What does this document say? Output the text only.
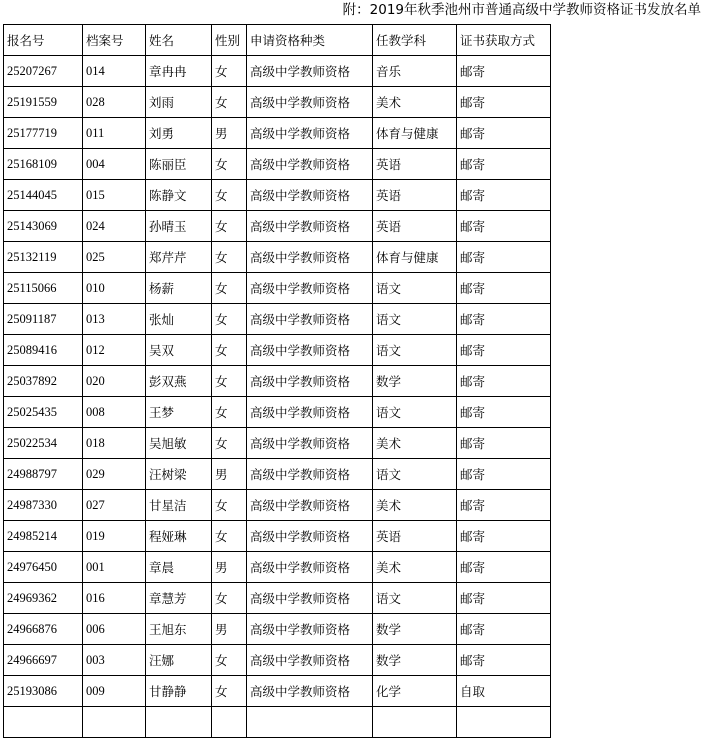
附：2019年秋季池州市普通高级中学教师资格证书发放名单
报名号	档案号	姓名	性别	申请资格种类	任教学科	证书获取方式
25207267	014	章冉冉	女	高级中学教师资格	音乐	邮寄
25191559	028	刘雨	女	高级中学教师资格	美术	邮寄
25177719	011	刘勇	男	高级中学教师资格	体育与健康	邮寄
25168109	004	陈丽臣	女	高级中学教师资格	英语	邮寄
25144045	015	陈静文	女	高级中学教师资格	英语	邮寄
25143069	024	孙晴玉	女	高级中学教师资格	英语	邮寄
25132119	025	郑芹芹	女	高级中学教师资格	体育与健康	邮寄
25115066	010	杨薪	女	高级中学教师资格	语文	邮寄
25091187	013	张灿	女	高级中学教师资格	语文	邮寄
25089416	012	吴双	女	高级中学教师资格	语文	邮寄
25037892	020	彭双燕	女	高级中学教师资格	数学	邮寄
25025435	008	王梦	女	高级中学教师资格	语文	邮寄
25022534	018	吴旭敏	女	高级中学教师资格	美术	邮寄
24988797	029	汪树梁	男	高级中学教师资格	语文	邮寄
24987330	027	甘星洁	女	高级中学教师资格	美术	邮寄
24985214	019	程娅琳	女	高级中学教师资格	英语	邮寄
24976450	001	章晨	男	高级中学教师资格	美术	邮寄
24969362	016	章慧芳	女	高级中学教师资格	语文	邮寄
24966876	006	王旭东	男	高级中学教师资格	数学	邮寄
24966697	003	汪娜	女	高级中学教师资格	数学	邮寄
25193086	009	甘静静	女	高级中学教师资格	化学	自取
